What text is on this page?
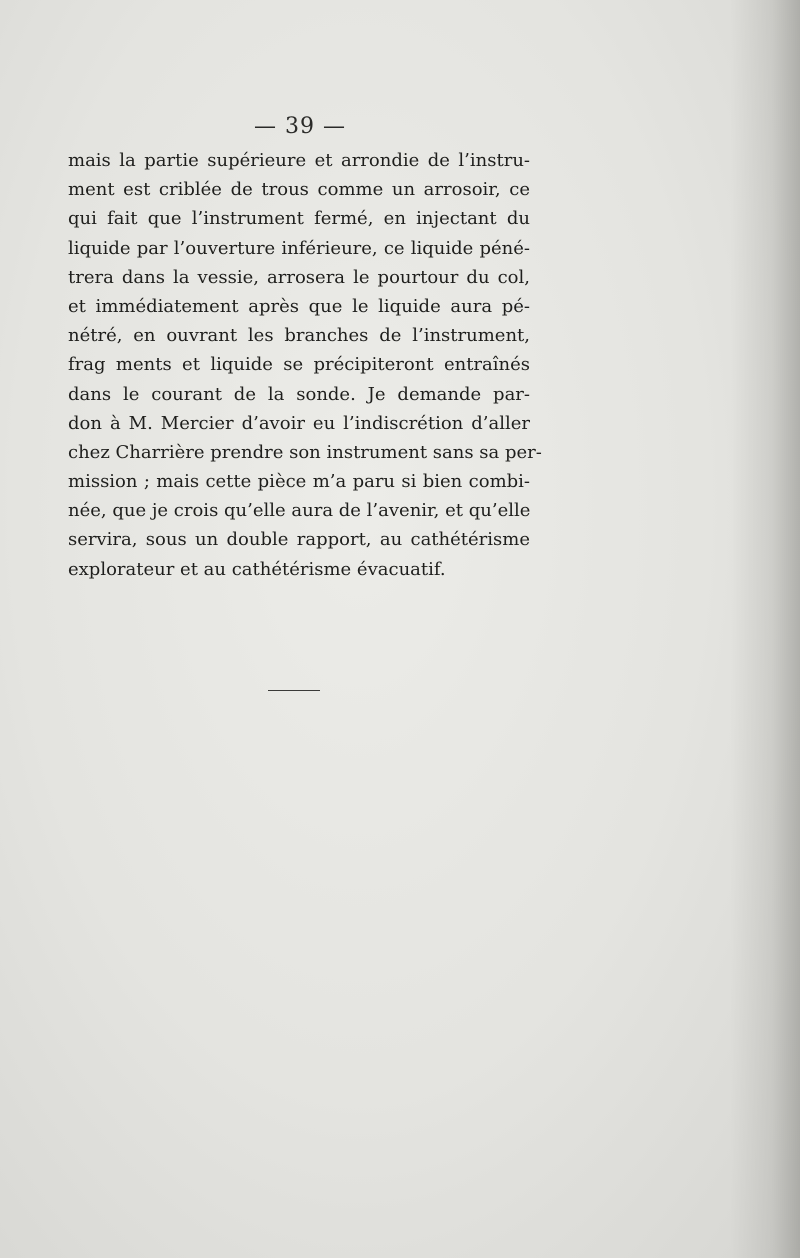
— 39 —
mais la partie supérieure et arrondie de l’instru-
ment est criblée de trous comme un arrosoir, ce
qui fait que l’instrument fermé, en injectant du
liquide par l’ouverture inférieure, ce liquide péné-
trera dans la vessie, arrosera le pourtour du col,
et immédiatement après que le liquide aura pé-
nétré, en ouvrant les branches de l’instrument,
frag ments et liquide se précipiteront entraînés
dans le courant de la sonde. Je demande par-
don à M. Mercier d’avoir eu l’indiscrétion d’aller
chez Charrière prendre son instrument sans sa per-
mission ; mais cette pièce m’a paru si bien combi-
née, que je crois qu’elle aura de l’avenir, et qu’elle
servira, sous un double rapport, au cathétérisme
explorateur et au cathétérisme évacuatif.
